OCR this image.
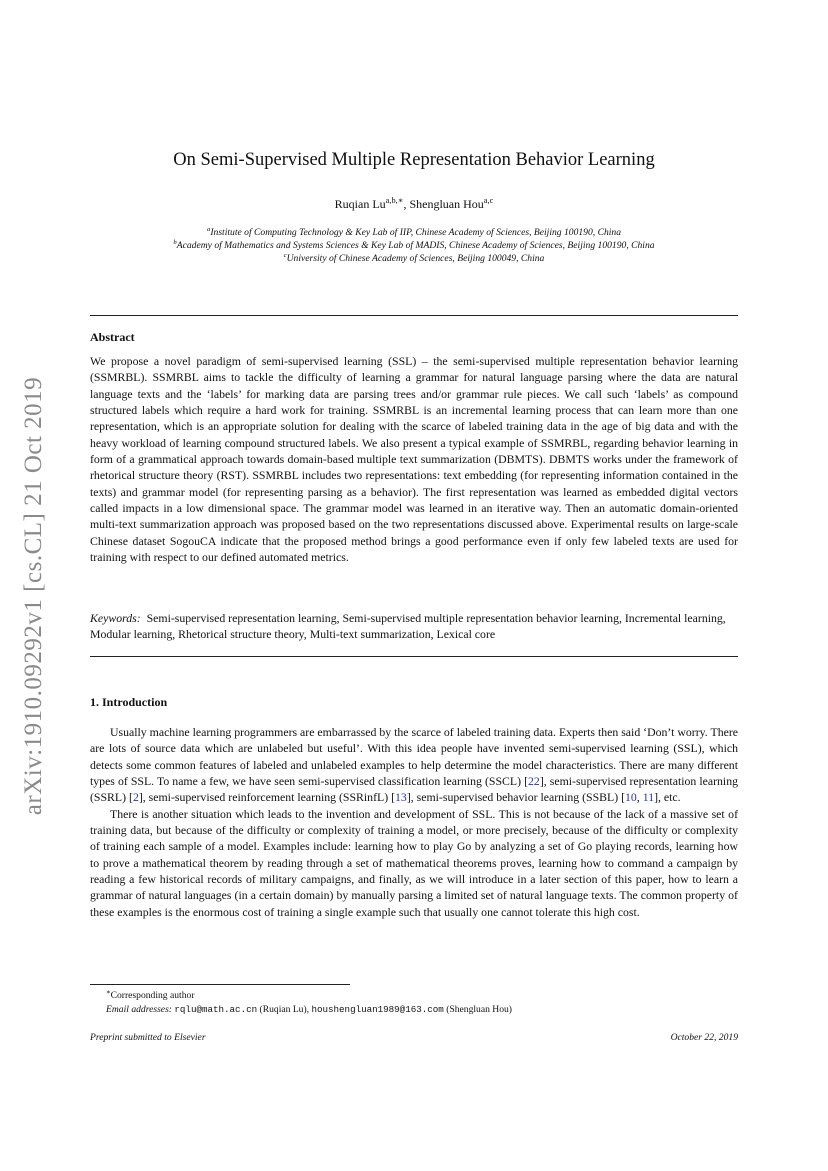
arXiv:1910.09292v1 [cs.CL] 21 Oct 2019
On Semi-Supervised Multiple Representation Behavior Learning
Ruqian $Lu^{a,b,∗}$, Shengluan Hou$^{a,c}$
$^a$Institute of Computing Technology & Key Lab of IIP, Chinese Academy of Sciences, Beijing 100190, China
$^b$Academy of Mathematics and Systems Sciences & Key Lab of MADIS, Chinese Academy of Sciences, Beijing 100190, China
$^c$University of Chinese Academy of Sciences, Beijing 100049, China
Abstract
We propose a novel paradigm of semi-supervised learning (SSL) – the semi-supervised multiple representation behavior learning (SSMRBL). SSMRBL aims to tackle the difficulty of learning a grammar for natural language parsing where the data are natural language texts and the ‘labels’ for marking data are parsing trees and/or grammar rule pieces. We call such ‘labels’ as compound structured labels which require a hard work for training. SSMRBL is an incremental learning process that can learn more than one representation, which is an appropriate solution for dealing with the scarce of labeled training data in the age of big data and with the heavy workload of learning compound structured labels. We also present a typical example of SSMRBL, regarding behavior learning in form of a grammatical approach towards domain-based multiple text summarization (DBMTS). DBMTS works under the framework of rhetorical structure theory (RST). SSMRBL includes two representations: text embedding (for representing information contained in the texts) and grammar model (for representing parsing as a behavior). The first representation was learned as embedded digital vectors called impacts in a low dimensional space. The grammar model was learned in an iterative way. Then an automatic domain-oriented multi-text summarization approach was proposed based on the two representations discussed above. Experimental results on large-scale Chinese dataset SogouCA indicate that the proposed method brings a good performance even if only few labeled texts are used for training with respect to our defined automated metrics.
Keywords: Semi-supervised representation learning, Semi-supervised multiple representation behavior learning, Incremental learning, Modular learning, Rhetorical structure theory, Multi-text summarization, Lexical core
1. Introduction

Usually machine learning programmers are embarrassed by the scarce of labeled training data. Experts then said ‘Don’t worry. There are lots of source data which are unlabeled but useful’. With this idea people have invented semi-supervised learning (SSL), which detects some common features of labeled and unlabeled examples to help determine the model characteristics. There are many different types of SSL. To name a few, we have seen semi-supervised classification learning (SSCL) [22], semi-supervised representation learning (SSRL) [2], semi-supervised reinforcement learning (SSRinfL) [13], semi-supervised behavior learning (SSBL) [10, 11], etc.

There is another situation which leads to the invention and development of SSL. This is not because of the lack of a massive set of training data, but because of the difficulty or complexity of training a model, or more precisely, because of the difficulty or complexity of training each sample of a model. Examples include: learning how to play Go by analyzing a set of Go playing records, learning how to prove a mathematical theorem by reading through a set of mathematical theorems proves, learning how to command a campaign by reading a few historical records of military campaigns, and finally, as we will introduce in a later section of this paper, how to learn a grammar of natural languages (in a certain domain) by manually parsing a limited set of natural language texts. The common property of these examples is the enormous cost of training a single example such that usually one cannot tolerate this high cost.

∗Corresponding author
Email addresses: rqlu@math.ac.cn (Ruqian Lu), houshengluan1989@163.com (Shengluan Hou)
Preprint submitted to Elsevier	October 22, 2019
